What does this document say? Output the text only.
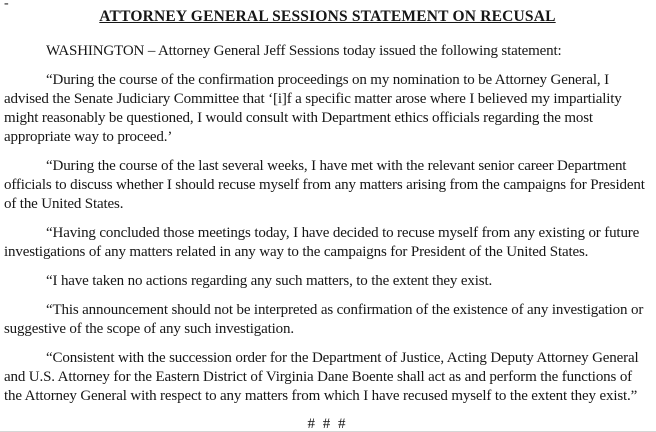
-
ATTORNEY GENERAL SESSIONS STATEMENT ON RECUSAL

WASHINGTON – Attorney General Jeff Sessions today issued the following statement:

“During the course of the confirmation proceedings on my nomination to be Attorney General, I advised the Senate Judiciary Committee that ‘[i]f a specific matter arose where I believed my impartiality might reasonably be questioned, I would consult with Department ethics officials regarding the most appropriate way to proceed.’

“During the course of the last several weeks, I have met with the relevant senior career Department officials to discuss whether I should recuse myself from any matters arising from the campaigns for President of the United States.

“Having concluded those meetings today, I have decided to recuse myself from any existing or future investigations of any matters related in any way to the campaigns for President of the United States.

“I have taken no actions regarding any such matters, to the extent they exist.

“This announcement should not be interpreted as confirmation of the existence of any investigation or suggestive of the scope of any such investigation.

“Consistent with the succession order for the Department of Justice, Acting Deputy Attorney General and U.S. Attorney for the Eastern District of Virginia Dane Boente shall act as and perform the functions of the Attorney General with respect to any matters from which I have recused myself to the extent they exist.”

# # #
